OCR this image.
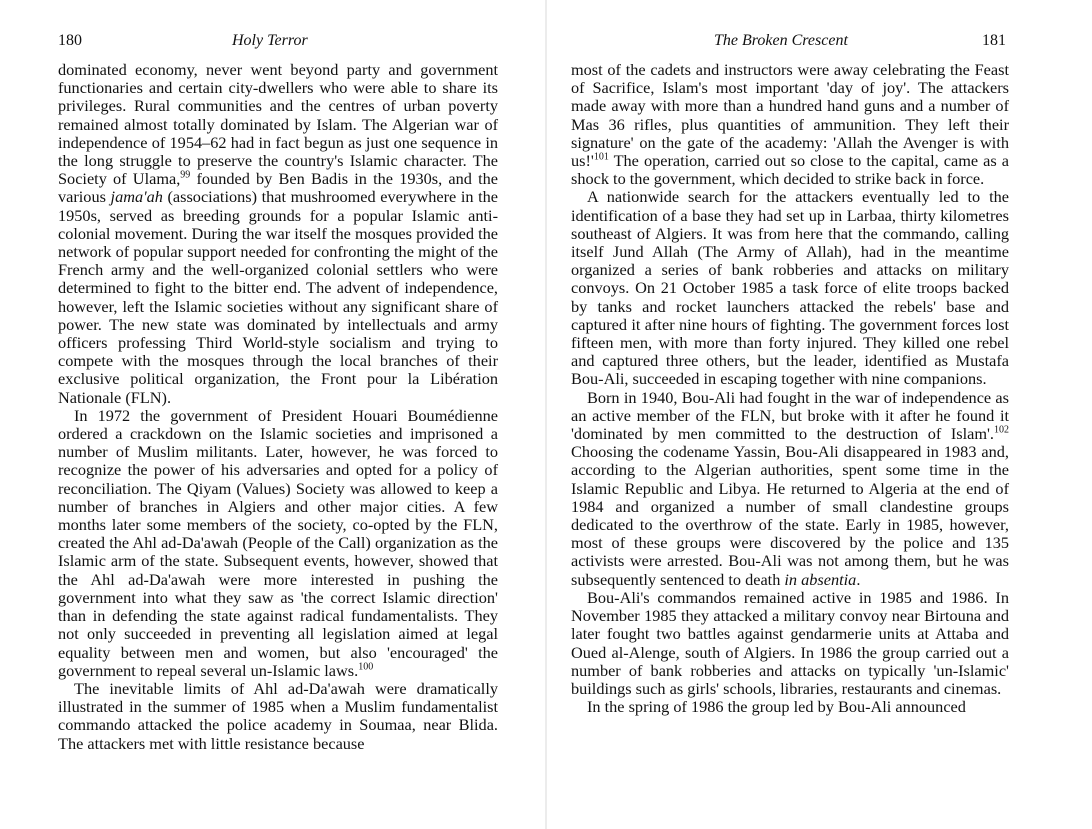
180	Holy Terror

dominated economy, never went beyond party and government functionaries and certain city-dwellers who were able to share its privileges. Rural communities and the centres of urban poverty remained almost totally dominated by Islam. The Algerian war of independence of 1954–62 had in fact begun as just one sequence in the long struggle to preserve the country's Islamic character. The Society of Ulama,$^{99}$ founded by Ben Badis in the 1930s, and the various jama'ah (associations) that mushroomed everywhere in the 1950s, served as breeding grounds for a popular Islamic anti-colonial movement. During the war itself the mosques provided the network of popular support needed for confronting the might of the French army and the well-organized colonial settlers who were determined to fight to the bitter end. The advent of independence, however, left the Islamic societies without any significant share of power. The new state was dominated by intellectuals and army officers professing Third World-style socialism and trying to compete with the mosques through the local branches of their exclusive political organization, the Front pour la Libération Nationale (FLN).

In 1972 the government of President Houari Boumédienne ordered a crackdown on the Islamic societies and imprisoned a number of Muslim militants. Later, however, he was forced to recognize the power of his adversaries and opted for a policy of reconciliation. The Qiyam (Values) Society was allowed to keep a number of branches in Algiers and other major cities. A few months later some members of the society, co-opted by the FLN, created the Ahl ad-Da'awah (People of the Call) organization as the Islamic arm of the state. Subsequent events, however, showed that the Ahl ad-Da'awah were more interested in pushing the government into what they saw as 'the correct Islamic direction' than in defending the state against radical fundamentalists. They not only succeeded in preventing all legislation aimed at legal equality between men and women, but also 'encouraged' the government to repeal several un-Islamic laws.$^{100}$

The inevitable limits of Ahl ad-Da'awah were dramatically illustrated in the summer of 1985 when a Muslim fundamentalist commando attacked the police academy in Soumaa, near Blida. The attackers met with little resistance because

The Broken Crescent	181

most of the cadets and instructors were away celebrating the Feast of Sacrifice, Islam's most important 'day of joy'. The attackers made away with more than a hundred hand guns and a number of Mas 36 rifles, plus quantities of ammunition. They left their signature' on the gate of the academy: 'Allah the Avenger is with $us!'^{101}$ The operation, carried out so close to the capital, came as a shock to the government, which decided to strike back in force.

A nationwide search for the attackers eventually led to the identification of a base they had set up in Larbaa, thirty kilometres southeast of Algiers. It was from here that the commando, calling itself Jund Allah (The Army of Allah), had in the meantime organized a series of bank robberies and attacks on military convoys. On 21 October 1985 a task force of elite troops backed by tanks and rocket launchers attacked the rebels' base and captured it after nine hours of fighting. The government forces lost fifteen men, with more than forty injured. They killed one rebel and captured three others, but the leader, identified as Mustafa Bou-Ali, succeeded in escaping together with nine companions.

Born in 1940, Bou-Ali had fought in the war of independence as an active member of the FLN, but broke with it after he found it 'dominated by men committed to the destruction of Islam'.$^{102}$ Choosing the codename Yassin, Bou-Ali disappeared in 1983 and, according to the Algerian authorities, spent some time in the Islamic Republic and Libya. He returned to Algeria at the end of 1984 and organized a number of small clandestine groups dedicated to the overthrow of the state. Early in 1985, however, most of these groups were discovered by the police and 135 activists were arrested. Bou-Ali was not among them, but he was subsequently sentenced to death in absentia.

Bou-Ali's commandos remained active in 1985 and 1986. In November 1985 they attacked a military convoy near Birtouna and later fought two battles against gendarmerie units at Attaba and Oued al-Alenge, south of Algiers. In 1986 the group carried out a number of bank robberies and attacks on typically 'un-Islamic' buildings such as girls' schools, libraries, restaurants and cinemas.

In the spring of 1986 the group led by Bou-Ali announced
